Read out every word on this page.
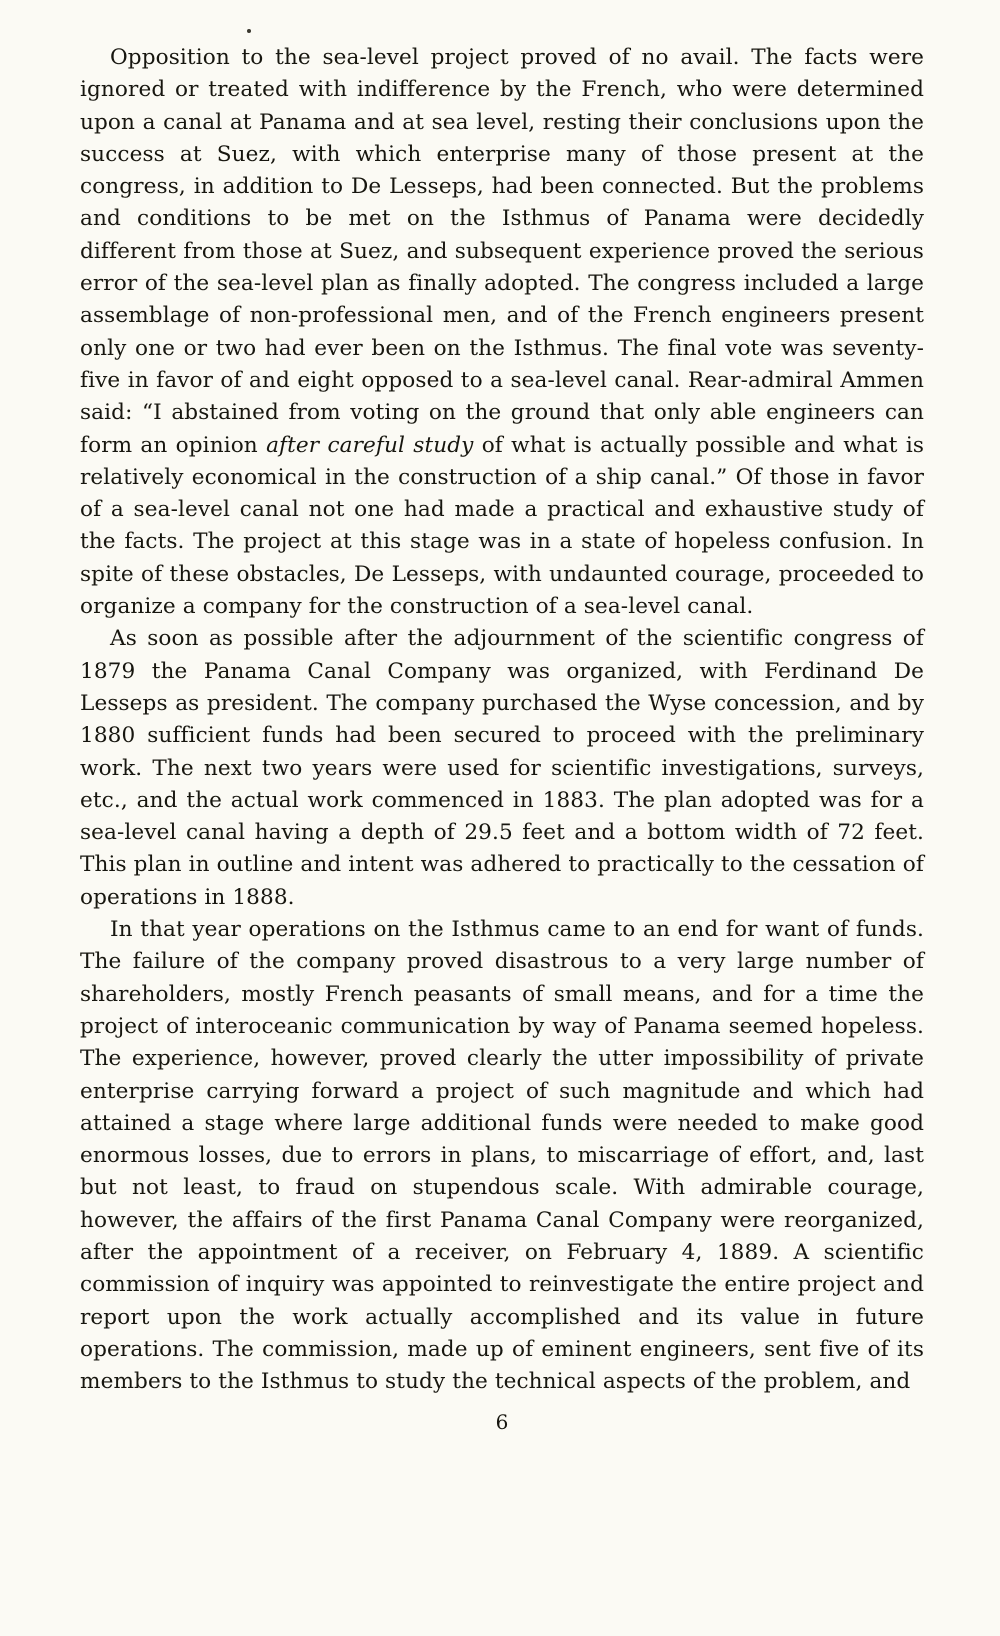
Opposition to the sea-level project proved of no avail. The facts were ignored or treated with indifference by the French, who were determined upon a canal at Panama and at sea level, resting their conclusions upon the success at Suez, with which enterprise many of those present at the congress, in addition to De Lesseps, had been connected. But the problems and conditions to be met on the Isthmus of Panama were decidedly different from those at Suez, and subsequent experience proved the serious error of the sea-level plan as finally adopted. The congress included a large assemblage of non-professional men, and of the French engineers present only one or two had ever been on the Isthmus. The final vote was seventy-five in favor of and eight opposed to a sea-level canal. Rear-admiral Ammen said: “I abstained from voting on the ground that only able engineers can form an opinion after careful study of what is actually possible and what is relatively economical in the construction of a ship canal.” Of those in favor of a sea-level canal not one had made a practical and exhaustive study of the facts. The project at this stage was in a state of hopeless confusion. In spite of these obstacles, De Lesseps, with undaunted courage, proceeded to organize a company for the construction of a sea-level canal.

As soon as possible after the adjournment of the scientific congress of 1879 the Panama Canal Company was organized, with Ferdinand De Lesseps as president. The company purchased the Wyse concession, and by 1880 sufficient funds had been secured to proceed with the preliminary work. The next two years were used for scientific investigations, surveys, etc., and the actual work commenced in 1883. The plan adopted was for a sea-level canal having a depth of 29.5 feet and a bottom width of 72 feet. This plan in outline and intent was adhered to practically to the cessation of operations in 1888.

In that year operations on the Isthmus came to an end for want of funds. The failure of the company proved disastrous to a very large number of shareholders, mostly French peasants of small means, and for a time the project of interoceanic communication by way of Panama seemed hopeless. The experience, however, proved clearly the utter impossibility of private enterprise carrying forward a project of such magnitude and which had attained a stage where large additional funds were needed to make good enormous losses, due to errors in plans, to miscarriage of effort, and, last but not least, to fraud on stupendous scale. With admirable courage, however, the affairs of the first Panama Canal Company were reorganized, after the appointment of a receiver, on February 4, 1889. A scientific commission of inquiry was appointed to reinvestigate the entire project and report upon the work actually accomplished and its value in future operations. The commission, made up of eminent engineers, sent five of its members to the Isthmus to study the technical aspects of the problem, and

6
